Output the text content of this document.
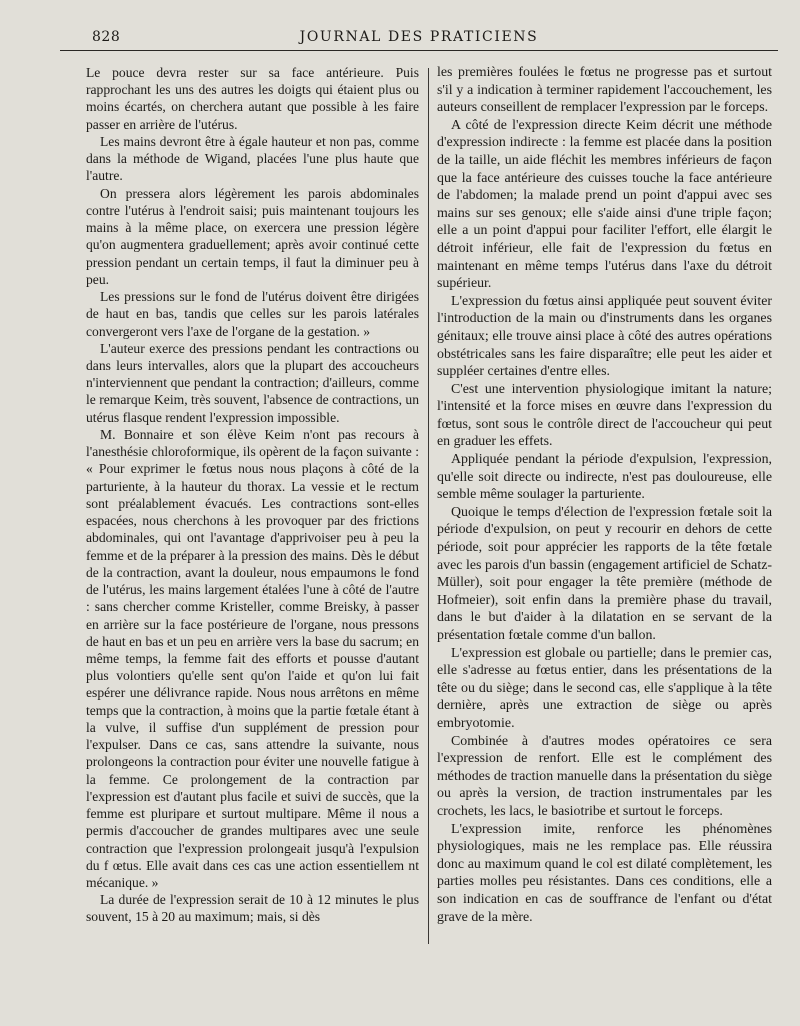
828	JOURNAL DES PRATICIENS

Le pouce devra rester sur sa face antérieure. Puis rapprochant les uns des autres les doigts qui étaient plus ou moins écartés, on cherchera autant que possible à les faire passer en arrière de l'utérus.

Les mains devront être à égale hauteur et non pas, comme dans la méthode de Wigand, placées l'une plus haute que l'autre.

On pressera alors légèrement les parois abdominales contre l'utérus à l'endroit saisi; puis maintenant toujours les mains à la même place, on exercera une pression légère qu'on augmentera graduellement; après avoir continué cette pression pendant un certain temps, il faut la diminuer peu à peu.

Les pressions sur le fond de l'utérus doivent être dirigées de haut en bas, tandis que celles sur les parois latérales convergeront vers l'axe de l'organe de la gestation. »

L'auteur exerce des pressions pendant les contractions ou dans leurs intervalles, alors que la plupart des accoucheurs n'interviennent que pendant la contraction; d'ailleurs, comme le remarque Keim, très souvent, l'absence de contractions, un utérus flasque rendent l'expression impossible.

M. Bonnaire et son élève Keim n'ont pas recours à l'anesthésie chloroformique, ils opèrent de la façon suivante : « Pour exprimer le fœtus nous nous plaçons à côté de la parturiente, à la hauteur du thorax. La vessie et le rectum sont préalablement évacués. Les contractions sont-elles espacées, nous cherchons à les provoquer par des frictions abdominales, qui ont l'avantage d'apprivoiser peu à peu la femme et de la préparer à la pression des mains. Dès le début de la contraction, avant la douleur, nous empaumons le fond de l'utérus, les mains largement étalées l'une à côté de l'autre : sans chercher comme Kristeller, comme Breisky, à passer en arrière sur la face postérieure de l'organe, nous pressons de haut en bas et un peu en arrière vers la base du sacrum; en même temps, la femme fait des efforts et pousse d'autant plus volontiers qu'elle sent qu'on l'aide et qu'on lui fait espérer une délivrance rapide. Nous nous arrêtons en même temps que la contraction, à moins que la partie fœtale étant à la vulve, il suffise d'un supplément de pression pour l'expulser. Dans ce cas, sans attendre la suivante, nous prolongeons la contraction pour éviter une nouvelle fatigue à la femme. Ce prolongement de la contraction par l'expression est d'autant plus facile et suivi de succès, que la femme est pluripare et surtout multipare. Même il nous a permis d'accoucher de grandes multipares avec une seule contraction que l'expression prolongeait jusqu'à l'expulsion du f œtus. Elle avait dans ces cas une action essentiellem nt mécanique. »

La durée de l'expression serait de 10 à 12 minutes le plus souvent, 15 à 20 au maximum; mais, si dès

les premières foulées le fœtus ne progresse pas et surtout s'il y a indication à terminer rapidement l'accouchement, les auteurs conseillent de remplacer l'expression par le forceps.

A côté de l'expression directe Keim décrit une méthode d'expression indirecte : la femme est placée dans la position de la taille, un aide fléchit les membres inférieurs de façon que la face antérieure des cuisses touche la face antérieure de l'abdomen; la malade prend un point d'appui avec ses mains sur ses genoux; elle s'aide ainsi d'une triple façon; elle a un point d'appui pour faciliter l'effort, elle élargit le détroit inférieur, elle fait de l'expression du fœtus en maintenant en même temps l'utérus dans l'axe du détroit supérieur.

L'expression du fœtus ainsi appliquée peut souvent éviter l'introduction de la main ou d'instruments dans les organes génitaux; elle trouve ainsi place à côté des autres opérations obstétricales sans les faire disparaître; elle peut les aider et suppléer certaines d'entre elles.

C'est une intervention physiologique imitant la nature; l'intensité et la force mises en œuvre dans l'expression du fœtus, sont sous le contrôle direct de l'accoucheur qui peut en graduer les effets.

Appliquée pendant la période d'expulsion, l'expression, qu'elle soit directe ou indirecte, n'est pas douloureuse, elle semble même soulager la parturiente.

Quoique le temps d'élection de l'expression fœtale soit la période d'expulsion, on peut y recourir en dehors de cette période, soit pour apprécier les rapports de la tête fœtale avec les parois d'un bassin (engagement artificiel de Schatz-Müller), soit pour engager la tête première (méthode de Hofmeier), soit enfin dans la première phase du travail, dans le but d'aider à la dilatation en se servant de la présentation fœtale comme d'un ballon.

L'expression est globale ou partielle; dans le premier cas, elle s'adresse au fœtus entier, dans les présentations de la tête ou du siège; dans le second cas, elle s'applique à la tête dernière, après une extraction de siège ou après embryotomie.

Combinée à d'autres modes opératoires ce sera l'expression de renfort. Elle est le complément des méthodes de traction manuelle dans la présentation du siège ou après la version, de traction instrumentales par les crochets, les lacs, le basiotribe et surtout le forceps.

L'expression imite, renforce les phénomènes physiologiques, mais ne les remplace pas. Elle réussira donc au maximum quand le col est dilaté complètement, les parties molles peu résistantes. Dans ces conditions, elle a son indication en cas de souffrance de l'enfant ou d'état grave de la mère.
